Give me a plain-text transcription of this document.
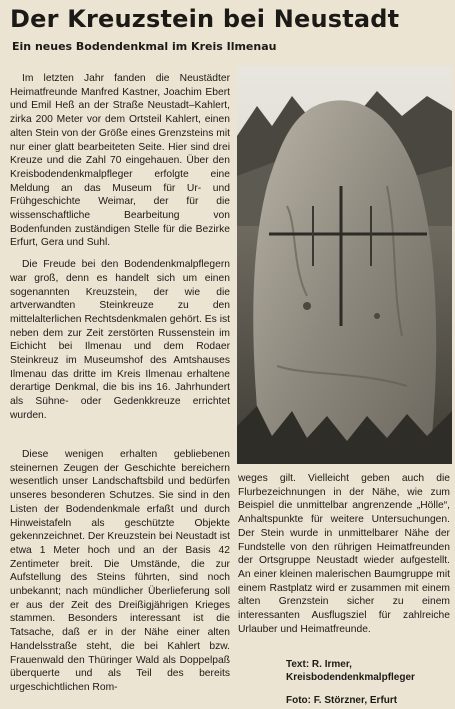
Der Kreuzstein bei Neustadt
Ein neues Bodendenkmal im Kreis Ilmenau

Im letzten Jahr fanden die Neustädter Heimatfreunde Manfred Kastner, Joachim Ebert und Emil Heß an der Straße Neustadt–Kahlert, zirka 200 Meter vor dem Ortsteil Kahlert, einen alten Stein von der Größe eines Grenzsteins mit nur einer glatt bearbeiteten Seite. Hier sind drei Kreuze und die Zahl 70 eingehauen. Über den Kreisbodendenkmalpfleger erfolgte eine Meldung an das Museum für Ur- und Frühgeschichte Weimar, der für die wissenschaftliche Bearbeitung von Bodenfunden zuständigen Stelle für die Bezirke Erfurt, Gera und Suhl.

Die Freude bei den Bodendenkmalpflegern war groß, denn es handelt sich um einen sogenannten Kreuzstein, der wie die artverwandten Steinkreuze zu den mittelalterlichen Rechtsdenkmalen gehört. Es ist neben dem zur Zeit zerstörten Russenstein im Eichicht bei Ilmenau und dem Rodaer Steinkreuz im Museumshof des Amtshauses Ilmenau das dritte im Kreis Ilmenau erhaltene derartige Denkmal, die bis ins 16. Jahrhundert als Sühne- oder Gedenkkreuze errichtet wurden.

Diese wenigen erhalten gebliebenen steinernen Zeugen der Geschichte bereichern wesentlich unser Landschaftsbild und bedürfen unseres besonderen Schutzes. Sie sind in den Listen der Bodendenkmale erfaßt und durch Hinweistafeln als geschützte Objekte gekennzeichnet. Der Kreuzstein bei Neustadt ist etwa 1 Meter hoch und an der Basis 42 Zentimeter breit. Die Umstände, die zur Aufstellung des Steins führten, sind noch unbekannt; nach mündlicher Überlieferung soll er aus der Zeit des Dreißigjährigen Krieges stammen. Besonders interessant ist die Tatsache, daß er in der Nähe einer alten Handelsstraße steht, die bei Kahlert bzw. Frauenwald den Thüringer Wald als Doppelpaß überquerte und als Teil des bereits urgeschichtlichen Rom-

weges gilt. Vielleicht geben auch die Flurbezeichnungen in der Nähe, wie zum Beispiel die unmittelbar angrenzende „Hölle“, Anhaltspunkte für weitere Untersuchungen. Der Stein wurde in unmittelbarer Nähe der Fundstelle von den rührigen Heimatfreunden der Ortsgruppe Neustadt wieder aufgestellt. An einer kleinen malerischen Baumgruppe mit einem Rastplatz wird er zusammen mit einem alten Grenzstein sicher zu einem interessanten Ausflugsziel für zahlreiche Urlauber und Heimatfreunde.

Text: R. Irmer,
Kreisbodendenkmalpfleger
Foto: F. Störzner, Erfurt
